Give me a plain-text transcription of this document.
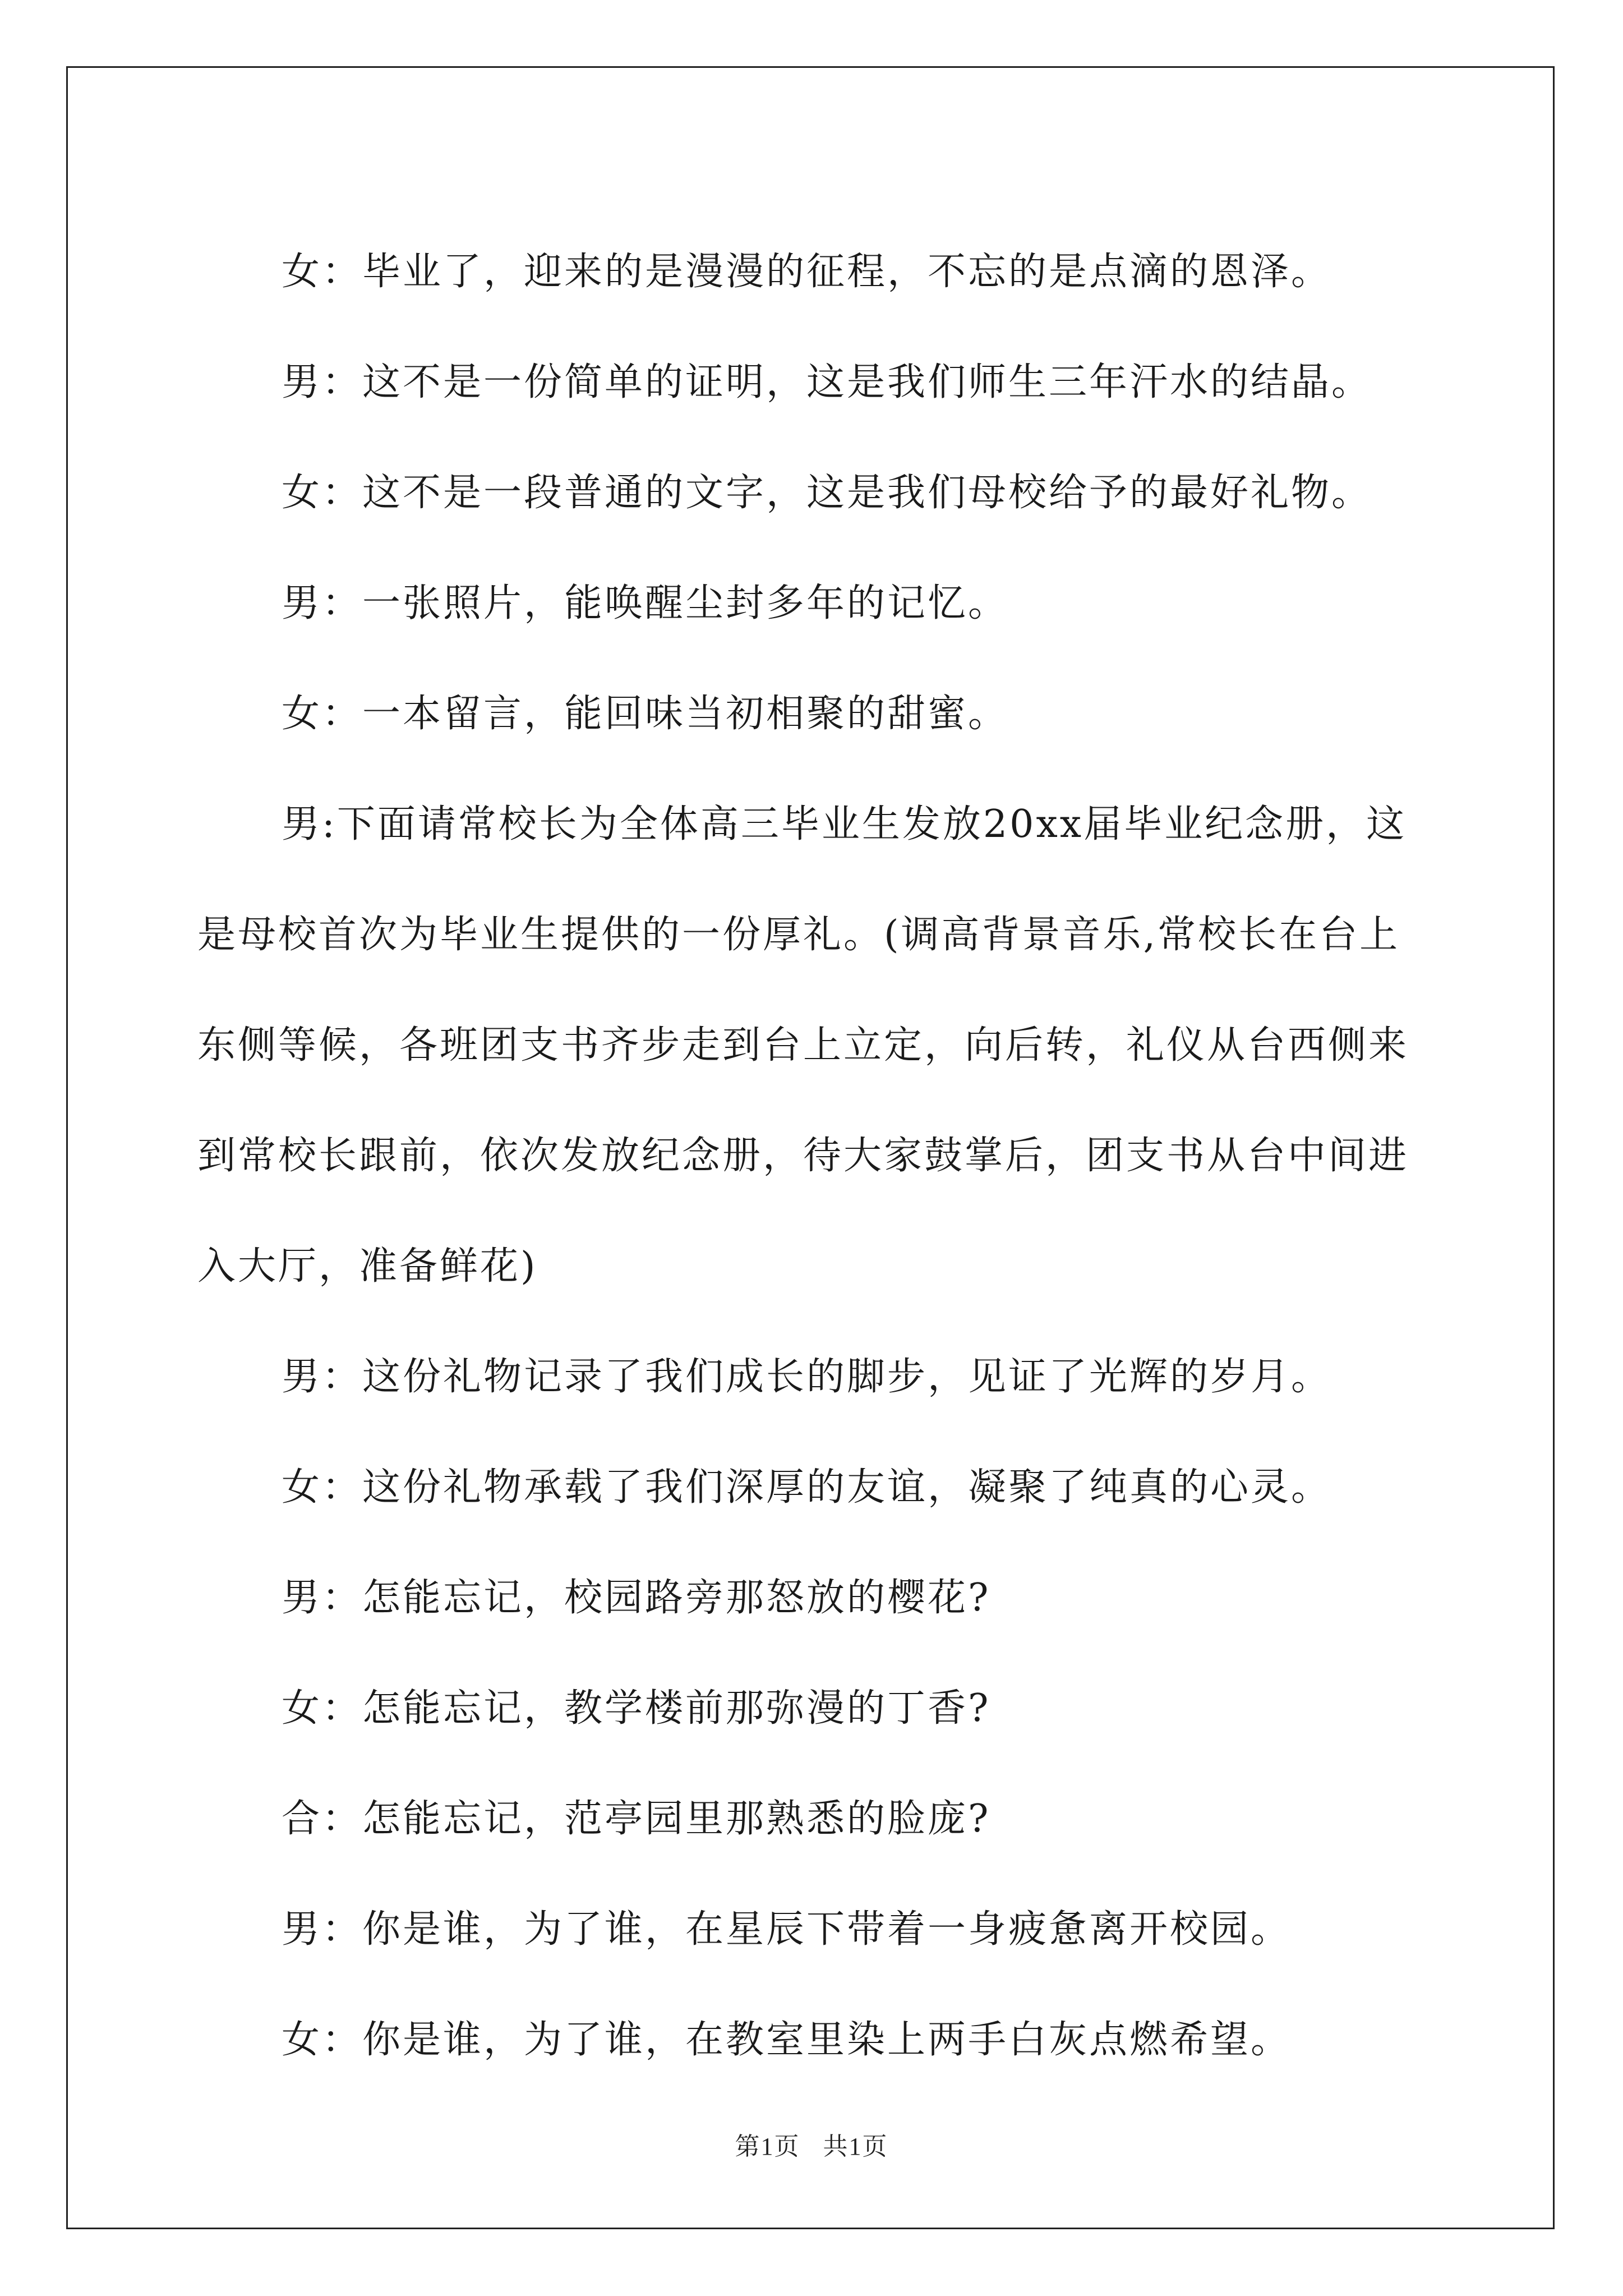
女：毕业了，迎来的是漫漫的征程，不忘的是点滴的恩泽。

男：这不是一份简单的证明，这是我们师生三年汗水的结晶。

女：这不是一段普通的文字，这是我们母校给予的最好礼物。

男：一张照片，能唤醒尘封多年的记忆。

女：一本留言，能回味当初相聚的甜蜜。

男:下面请常校长为全体高三毕业生发放20xx届毕业纪念册，这是母校首次为毕业生提供的一份厚礼。(调高背景音乐,常校长在台上东侧等候，各班团支书齐步走到台上立定，向后转，礼仪从台西侧来到常校长跟前，依次发放纪念册，待大家鼓掌后，团支书从台中间进入大厅，准备鲜花)

男：这份礼物记录了我们成长的脚步，见证了光辉的岁月。

女：这份礼物承载了我们深厚的友谊，凝聚了纯真的心灵。

男：怎能忘记，校园路旁那怒放的樱花?

女：怎能忘记，教学楼前那弥漫的丁香?

合：怎能忘记，范亭园里那熟悉的脸庞?

男：你是谁，为了谁，在星辰下带着一身疲惫离开校园。

女：你是谁，为了谁，在教室里染上两手白灰点燃希望。

第1页 共1页
